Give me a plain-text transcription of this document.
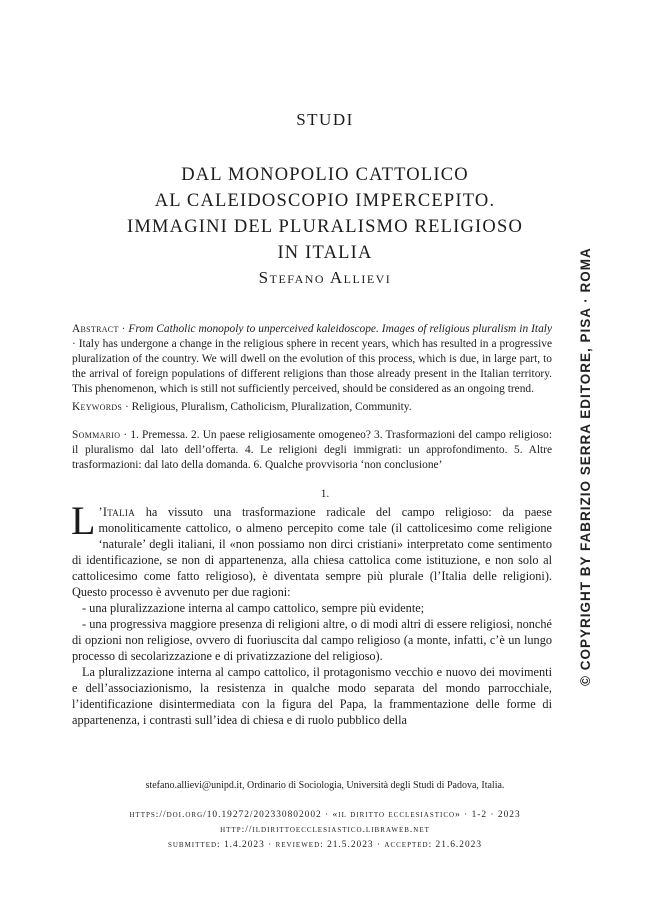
STUDI
DAL MONOPOLIO CATTOLICO
AL CALEIDOSCOPIO IMPERCEPITO.
IMMAGINI DEL PLURALISMO RELIGIOSO
IN ITALIA
Stefano Allievi
Abstract · From Catholic monopoly to unperceived kaleidoscope. Images of religious pluralism in Italy · Italy has undergone a change in the religious sphere in recent years, which has resulted in a progressive pluralization of the country. We will dwell on the evolution of this process, which is due, in large part, to the arrival of foreign populations of different religions than those already present in the Italian territory. This phenomenon, which is still not sufficiently perceived, should be considered as an ongoing trend.
Keywords · Religious, Pluralism, Catholicism, Pluralization, Community.
Sommario · 1. Premessa. 2. Un paese religiosamente omogeneo? 3. Trasformazioni del campo religioso: il pluralismo dal lato dell’offerta. 4. Le religioni degli immigrati: un approfondimento. 5. Altre trasformazioni: dal lato della domanda. 6. Qualche provvisoria ‘non conclusione’
1.

L ’Italia ha vissuto una trasformazione radicale del campo religioso: da paese monoliticamente cattolico, o almeno percepito come tale (il cattolicesimo come religione ‘naturale’ degli italiani, il «non possiamo non dirci cristiani» interpretato come sentimento di identificazione, se non di appartenenza, alla chiesa cattolica come istituzione, e non solo al cattolicesimo come fatto religioso), è diventata sempre più plurale (l’Italia delle religioni). Questo processo è avvenuto per due ragioni:

- una pluralizzazione interna al campo cattolico, sempre più evidente;

- una progressiva maggiore presenza di religioni altre, o di modi altri di essere religiosi, nonché di opzioni non religiose, ovvero di fuoriuscita dal campo religioso (a monte, infatti, c’è un lungo processo di secolarizzazione e di privatizzazione del religioso).

La pluralizzazione interna al campo cattolico, il protagonismo vecchio e nuovo dei movimenti e dell’associazionismo, la resistenza in qualche modo separata del mondo parrocchiale, l’identificazione disintermediata con la figura del Papa, la frammentazione delle forme di appartenenza, i contrasti sull’idea di chiesa e di ruolo pubblico della

stefano.allievi@unipd.it, Ordinario di Sociologia, Università degli Studi di Padova, Italia.
https://doi.org/10.19272/202330802002 · «il diritto ecclesiastico» · 1-2 · 2023
http://ildirittoecclesiastico.libraweb.net
submitted: 1.4.2023 · reviewed: 21.5.2023 · accepted: 21.6.2023
© COPYRIGHT BY FABRIZIO SERRA EDITORE, PISA · ROMA
